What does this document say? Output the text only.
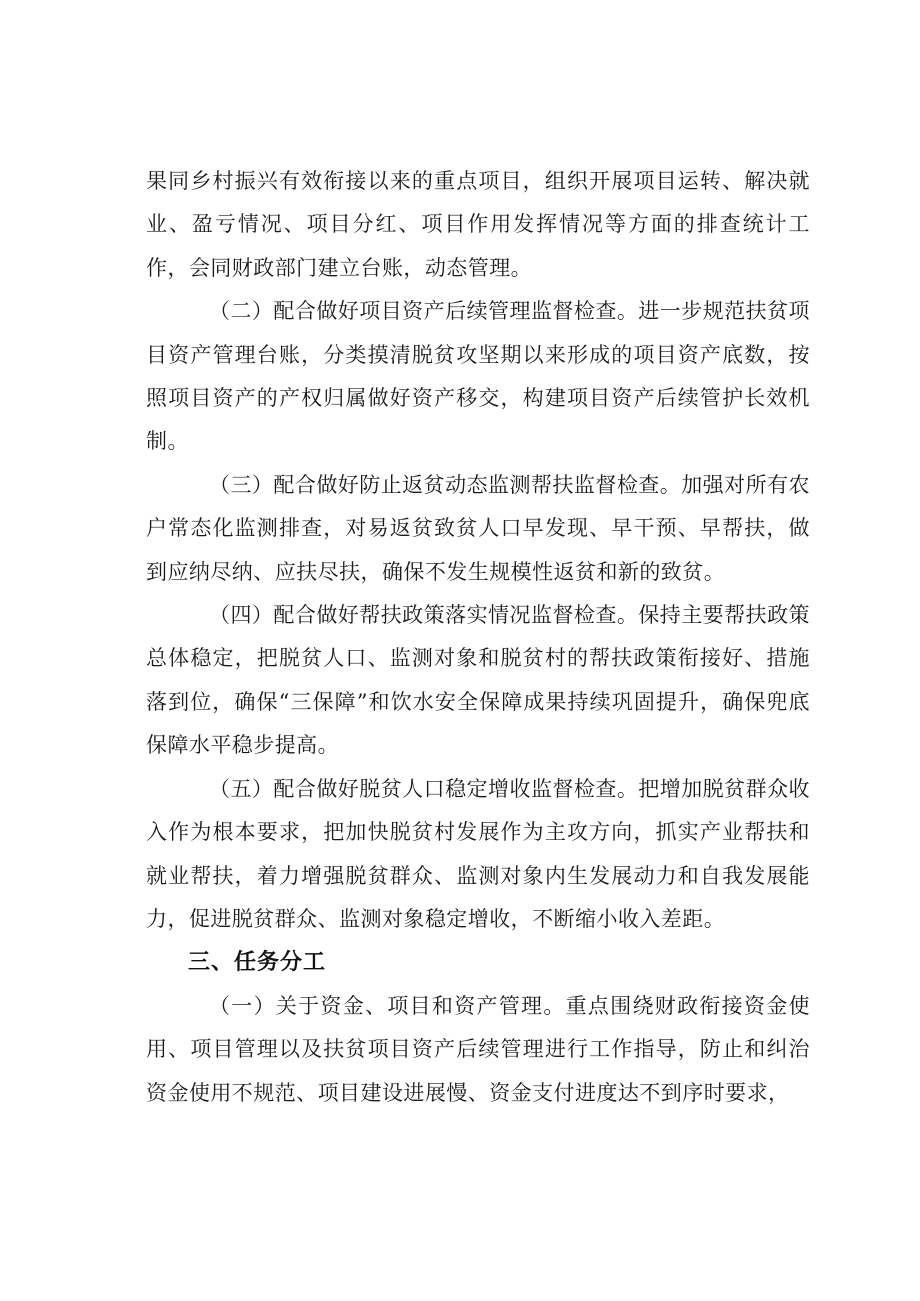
果同乡村振兴有效衔接以来的重点项目，组织开展项目运转、解决就业、盈亏情况、项目分红、项目作用发挥情况等方面的排查统计工作，会同财政部门建立台账，动态管理。

（二）配合做好项目资产后续管理监督检查。进一步规范扶贫项目资产管理台账，分类摸清脱贫攻坚期以来形成的项目资产底数，按照项目资产的产权归属做好资产移交，构建项目资产后续管护长效机制。

（三）配合做好防止返贫动态监测帮扶监督检查。加强对所有农户常态化监测排查，对易返贫致贫人口早发现、早干预、早帮扶，做到应纳尽纳、应扶尽扶，确保不发生规模性返贫和新的致贫。

（四）配合做好帮扶政策落实情况监督检查。保持主要帮扶政策总体稳定，把脱贫人口、监测对象和脱贫村的帮扶政策衔接好、措施落到位，确保“三保障”和饮水安全保障成果持续巩固提升，确保兜底保障水平稳步提高。

（五）配合做好脱贫人口稳定增收监督检查。把增加脱贫群众收入作为根本要求，把加快脱贫村发展作为主攻方向，抓实产业帮扶和就业帮扶，着力增强脱贫群众、监测对象内生发展动力和自我发展能力，促进脱贫群众、监测对象稳定增收，不断缩小收入差距。

三、任务分工

（一）关于资金、项目和资产管理。重点围绕财政衔接资金使用、项目管理以及扶贫项目资产后续管理进行工作指导，防止和纠治资金使用不规范、项目建设进展慢、资金支付进度达不到序时要求，
